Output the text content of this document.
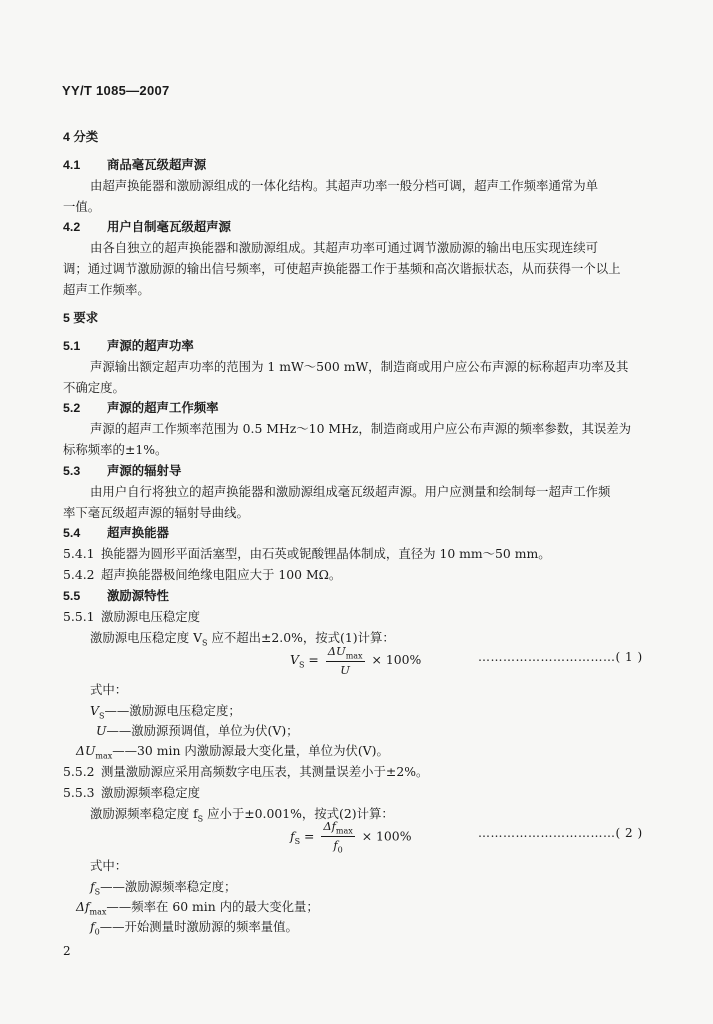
YY/T 1085—2007
4 分类
4.1 商品毫瓦级超声源
由超声换能器和激励源组成的一体化结构。其超声功率一般分档可调，超声工作频率通常为单
一值。
4.2 用户自制毫瓦级超声源
由各自独立的超声换能器和激励源组成。其超声功率可通过调节激励源的输出电压实现连续可
调；通过调节激励源的输出信号频率，可使超声换能器工作于基频和高次谐振状态，从而获得一个以上
超声工作频率。
5 要求
5.1 声源的超声功率
声源输出额定超声功率的范围为 1 mW～500 mW，制造商或用户应公布声源的标称超声功率及其
不确定度。
5.2 声源的超声工作频率
声源的超声工作频率范围为 0.5 MHz～10 MHz，制造商或用户应公布声源的频率参数，其误差为
标称频率的±1%。
5.3 声源的辐射导
由用户自行将独立的超声换能器和激励源组成毫瓦级超声源。用户应测量和绘制每一超声工作频
率下毫瓦级超声源的辐射导曲线。
5.4 超声换能器
5.4.1 换能器为圆形平面活塞型，由石英或铌酸锂晶体制成，直径为 10 mm～50 mm。
5.4.2 超声换能器极间绝缘电阻应大于 100 MΩ。
5.5 激励源特性
5.5.1 激励源电压稳定度
激励源电压稳定度 $V_S$ 应不超出±2.0%，按式(1)计算：
$V_S = \frac{\Delta U_{max}}{U} \times 100\%$	……………………………( 1 )
式中：
$V_S——$激励源电压稳定度；
U——激励源预调值，单位为伏(V)；
$\Delta U_{max}——30$ min 内激励源最大变化量，单位为伏(V)。
5.5.2 测量激励源应采用高频数字电压表，其测量误差小于±2%。
5.5.3 激励源频率稳定度
激励源频率稳定度 $f_S$ 应小于±0.001%，按式(2)计算：
$f_S = \frac{\Delta f_{max}}{f_0} \times 100\%$	……………………………( 2 )
式中：
$f_S——$激励源频率稳定度；
$\Delta f_{max}——$频率在 60 min 内的最大变化量；
$f_0——$开始测量时激励源的频率量值。
2
